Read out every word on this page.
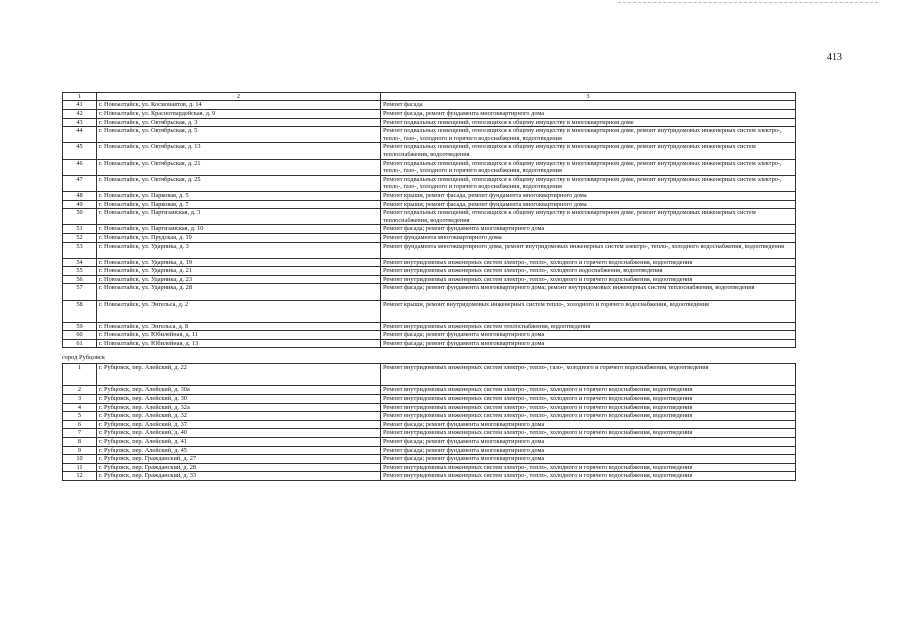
413
1	2	3
41	г. Новоалтайск, ул. Космонавтов, д. 14	Ремонт фасада
42	г. Новоалтайск, ул. Красногвардейская, д. 9	Ремонт фасада, ремонт фундамента многоквартирного дома
43	г. Новоалтайск, ул. Октябрьская, д. 3	Ремонт подвальных помещений, относящихся к общему имуществу в многоквартирном доме
44	г. Новоалтайск, ул. Октябрьская, д. 5	Ремонт подвальных помещений, относящихся к общему имуществу в многоквартирном доме, ремонт внутридомовых инженерных систем электро-, тепло-, газо-, холодного и горячего водоснабжения, водоотведения
45	г. Новоалтайск, ул. Октябрьская, д. 13	Ремонт подвальных помещений, относящихся к общему имуществу в многоквартирном доме, ремонт внутридомовых инженерных систем теплоснабжения, водоотведения
46	г. Новоалтайск, ул. Октябрьская, д. 21	Ремонт подвальных помещений, относящихся к общему имуществу в многоквартирном доме, ремонт внутридомовых инженерных систем электро-, тепло-, газо-, холодного и горячего водоснабжения, водоотведения
47	г. Новоалтайск, ул. Октябрьская, д. 25	Ремонт подвальных помещений, относящихся к общему имуществу в многоквартирном доме, ремонт внутридомовых инженерных систем электро-, тепло-, газо-, холодного и горячего водоснабжения, водоотведения
48	г. Новоалтайск, ул. Парковая, д. 5	Ремонт крыши, ремонт фасада, ремонт фундамента многоквартирного дома
49	г. Новоалтайск, ул. Парковая, д. 7	Ремонт крыши, ремонт фасада, ремонт фундамента многоквартирного дома
50	г. Новоалтайск, ул. Партизанская, д. 3	Ремонт подвальных помещений, относящихся к общему имуществу в многоквартирном доме, ремонт внутридомовых инженерных систем теплоснабжения, водоотведения
51	г. Новоалтайск, ул. Партизанская, д. 10	Ремонт фасада; ремонт фундамента многоквартирного дома
52	г. Новоалтайск, ул. Прудская, д. 19	Ремонт фундамента многоквартирного дома
53	г. Новоалтайск, ул. Ударника, д. 3	Ремонт фундамента многоквартирного дома, ремонт внутридомовых инженерных систем электро-, тепло-, холодного водоснабжения, водоотведения
54	г. Новоалтайск, ул. Ударника, д. 19	Ремонт внутридомовых инженерных систем электро-, тепло-, холодного и горячего водоснабжения, водоотведения
55	г. Новоалтайск, ул. Ударника, д. 21	Ремонт внутридомовых инженерных систем электро-, тепло-, холодного водоснабжения, водоотведения
56	г. Новоалтайск, ул. Ударника, д. 23	Ремонт внутридомовых инженерных систем электро-, тепло-, холодного и горячего водоснабжения, водоотведения
57	г. Новоалтайск, ул. Ударника, д. 28	Ремонт фасада; ремонт фундамента многоквартирного дома; ремонт внутридомовых инженерных систем теплоснабжения, водоотведения
58	г. Новоалтайск, ул. Энгельса, д. 2	Ремонт крыши, ремонт внутридомовых инженерных систем тепло-, холодного и горячего водоснабжения, водоотведения
59	г. Новоалтайск, ул. Энгельса, д. 8	Ремонт внутридомовых инженерных систем теплоснабжения, водоотведения
60	г. Новоалтайск, ул. Юбилейная, д. 11	Ремонт фасада; ремонт фундамента многоквартирного дома
61	г. Новоалтайск, ул. Юбилейная, д. 13	Ремонт фасада; ремонт фундамента многоквартирного дома
город Рубцовск
1	г. Рубцовск, пер. Алейский, д. 22	Ремонт внутридомовых инженерных систем электро-, тепло-, газо-, холодного и горячего водоснабжения, водоотведения
2	г. Рубцовск, пер. Алейский, д. 30а	Ремонт внутридомовых инженерных систем электро-, тепло-, холодного и горячего водоснабжения, водоотведения
3	г. Рубцовск, пер. Алейский, д. 30	Ремонт внутридомовых инженерных систем электро-, тепло-, холодного и горячего водоснабжения, водоотведения
4	г. Рубцовск, пер. Алейский, д. 32а	Ремонт внутридомовых инженерных систем электро-, тепло-, холодного и горячего водоснабжения, водоотведения
5	г. Рубцовск, пер. Алейский, д. 32	Ремонт внутридомовых инженерных систем электро-, тепло-, холодного и горячего водоснабжения, водоотведения
6	г. Рубцовск, пер. Алейский, д. 37	Ремонт фасада; ремонт фундамента многоквартирного дома
7	г. Рубцовск, пер. Алейский, д. 40	Ремонт внутридомовых инженерных систем электро-, тепло-, холодного и горячего водоснабжения, водоотведения
8	г. Рубцовск, пер. Алейский, д. 41	Ремонт фасада; ремонт фундамента многоквартирного дома
9	г. Рубцовск, пер. Алейский, д. 45	Ремонт фасада; ремонт фундамента многоквартирного дома
10	г. Рубцовск, пер. Гражданский, д. 27	Ремонт фасада; ремонт фундамента многоквартирного дома
11	г. Рубцовск, пер. Гражданский, д. 28	Ремонт внутридомовых инженерных систем электро-, тепло-, холодного и горячего водоснабжения, водоотведения
12	г. Рубцовск, пер. Гражданский, д. 33	Ремонт внутридомовых инженерных систем электро-, тепло-, холодного и горячего водоснабжения, водоотведения
